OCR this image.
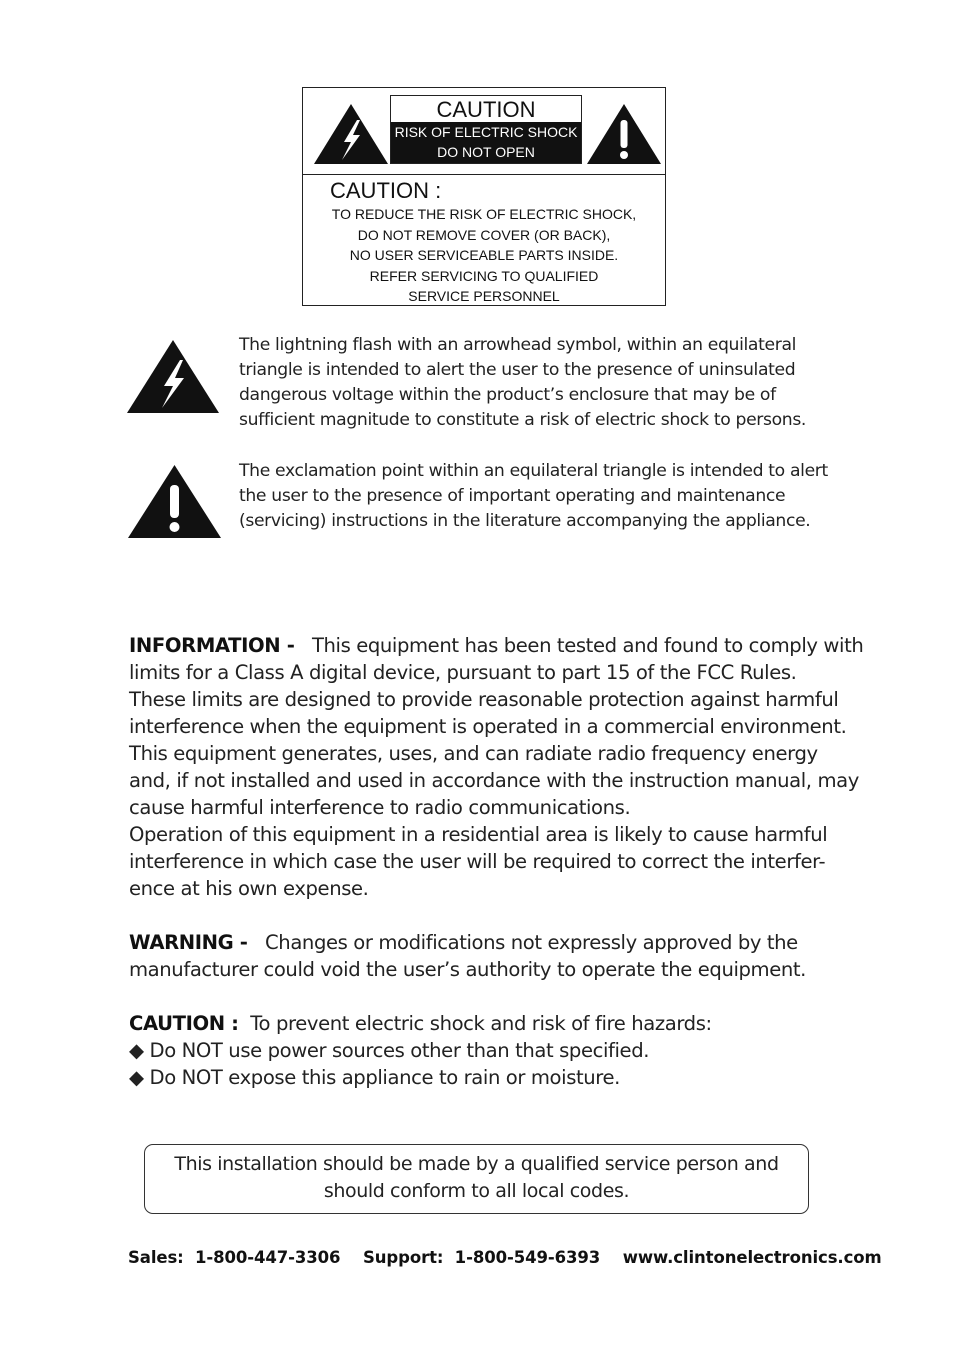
CAUTION
RISK OF ELECTRIC SHOCK
DO NOT OPEN
CAUTION :
TO REDUCE THE RISK OF ELECTRIC SHOCK,
DO NOT REMOVE COVER (OR BACK),
NO USER SERVICEABLE PARTS INSIDE.
REFER SERVICING TO QUALIFIED
SERVICE PERSONNEL
The lightning flash with an arrowhead symbol, within an equilateral
triangle is intended to alert the user to the presence of uninsulated
dangerous voltage within the product’s enclosure that may be of
sufficient magnitude to constitute a risk of electric shock to persons.
The exclamation point within an equilateral triangle is intended to alert
the user to the presence of important operating and maintenance
(servicing) instructions in the literature accompanying the appliance.

INFORMATION - This equipment has been tested and found to comply with

limits for a Class A digital device, pursuant to part 15 of the FCC Rules.

These limits are designed to provide reasonable protection against harmful

interference when the equipment is operated in a commercial environment.

This equipment generates, uses, and can radiate radio frequency energy

and, if not installed and used in accordance with the instruction manual, may

cause harmful interference to radio communications.

Operation of this equipment in a residential area is likely to cause harmful

interference in which case the user will be required to correct the interfer-

ence at his own expense.

WARNING - Changes or modifications not expressly approved by the

manufacturer could void the user’s authority to operate the equipment.

CAUTION : To prevent electric shock and risk of fire hazards:

◆ Do NOT use power sources other than that specified.

◆ Do NOT expose this appliance to rain or moisture.

This installation should be made by a qualified service person and
should conform to all local codes.
Sales:  1-800-447-3306 Support:  1-800-549-6393 www.clintonelectronics.com
